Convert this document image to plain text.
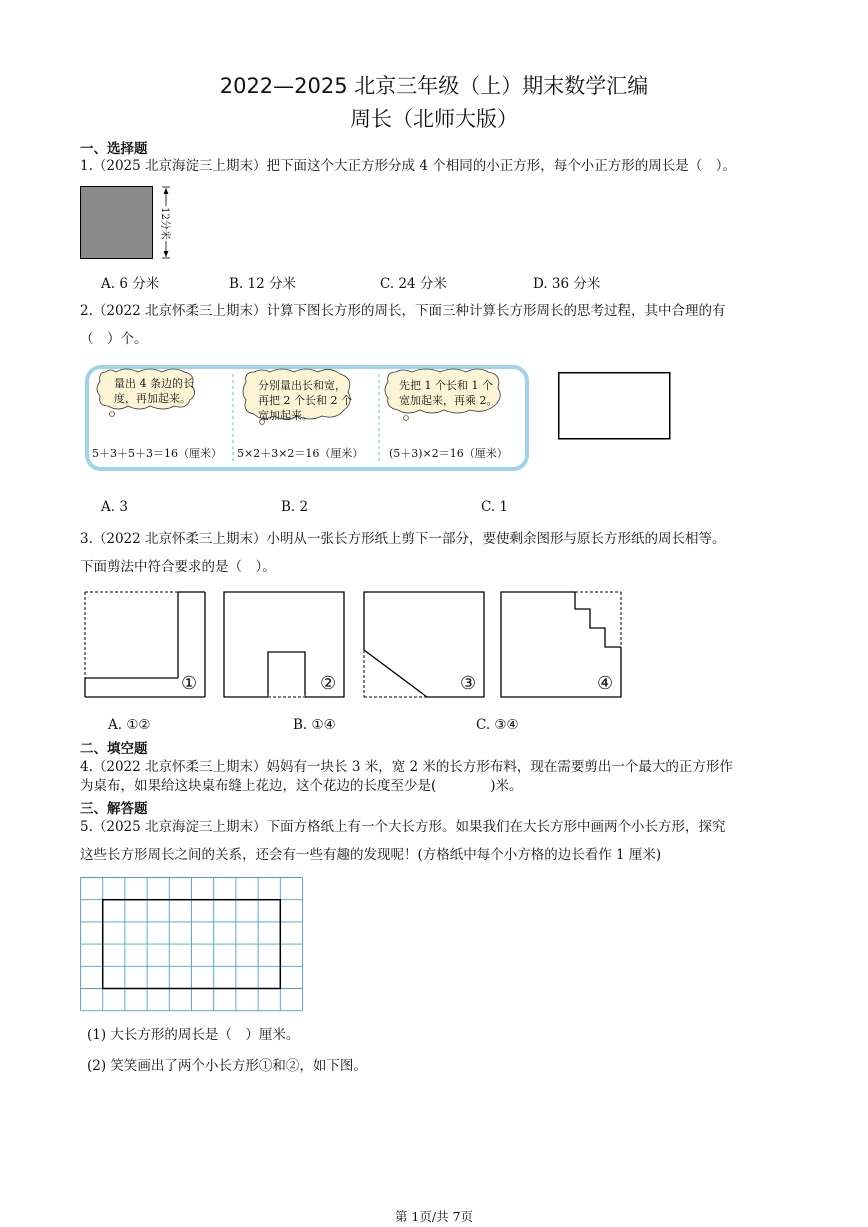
2022—2025 北京三年级（上）期末数学汇编
周长（北师大版）
一、选择题
1.（2025 北京海淀三上期末）把下面这个大正方形分成 4 个相同的小正方形，每个小正方形的周长是（　）。
12分米
A. 6 分米	B. 12 分米	C. 24 分米	D. 36 分米
2.（2022 北京怀柔三上期末）计算下图长方形的周长，下面三种计算长方形周长的思考过程，其中合理的有
（　）个。
量出 4 条边的长
度，再加起来。
分别量出长和宽，
再把 2 个长和 2 个
宽加起来。
先把 1 个长和 1 个
宽加起来，再乘 2。
5＋3＋5＋3＝16（厘米） 5×2＋3×2＝16（厘米） (5＋3)×2＝16（厘米）
A. 3	B. 2	C. 1
3.（2022 北京怀柔三上期末）小明从一张长方形纸上剪下一部分，要使剩余图形与原长方形纸的周长相等。
下面剪法中符合要求的是（　）。
①	②	③	④
A. ①②	B. ①④	C. ③④
二、填空题
4.（2022 北京怀柔三上期末）妈妈有一块长 3 米，宽 2 米的长方形布料，现在需要剪出一个最大的正方形作
为桌布，如果给这块桌布缝上花边，这个花边的长度至少是(　　　　)米。
三、解答题
5.（2025 北京海淀三上期末）下面方格纸上有一个大长方形。如果我们在大长方形中画两个小长方形，探究
这些长方形周长之间的关系，还会有一些有趣的发现呢！(方格纸中每个小方格的边长看作 1 厘米)
(1) 大长方形的周长是（　）厘米。
(2) 笑笑画出了两个小长方形①和②，如下图。
第 1页/共 7页
